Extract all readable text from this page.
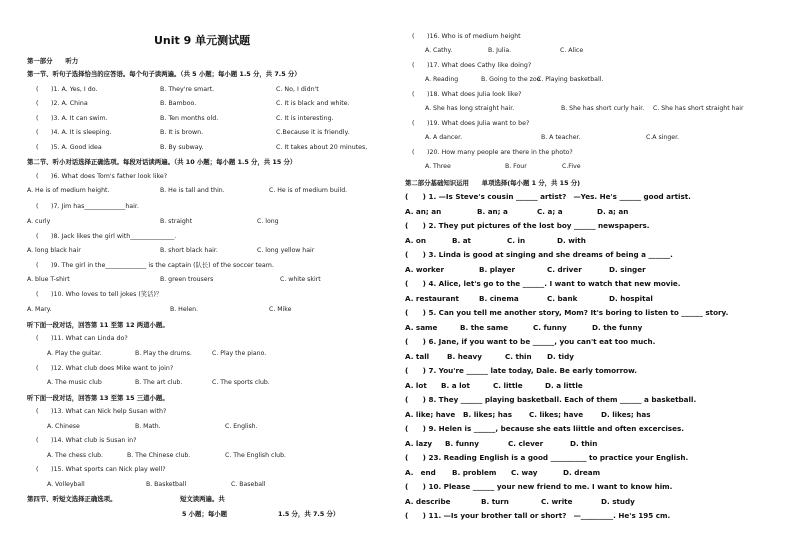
Unit 9 单元测试题
第一部分　　听力
第一节、听句子选择恰当的应答语。每个句子读两遍。（共 5 小题；每小题 1.5 分，共 7.5 分）
(　　)1. A. Yes, I do.	B. They're smart.	C. No, I didn't
(　　)2. A. China	B. Bamboo.	C. It is black and white.
(　　)3. A. It can swim.	B. Ten months old.	C. It is interesting.
(　　)4. A. It is sleeping.	B. It is brown.	C.Because it is friendly.
(　　)5. A. Good idea	B. By subway.	C. It takes about 20 minutes,
第二节、听小对话选择正确选项。每段对话读两遍。（共 10 小题；每小题 1.5 分，共 15 分）
(　　)6. What does Tom's father look like?
A. He is of medium height.	B. He is tall and thin.	C. He is of medium build.
(　　)7. Jim has_____________hair.
A. curly	B. straight	C. long
(　　)8. Jack likes the girl with______________.
A. long black hair	B. short black hair.	C. long yellow hair
(　　)9. The girl in the_____________ is the captain (队长) of the soccer team.
A. blue T-shirt	B. green trousers	C. white skirt
(　　)10. Who loves to tell jokes (笑话)？
A. Mary.	B. Helen.	C. Mike
听下面一段对话，回答第 11 至第 12 两道小题。
(　　)11. What can Linda do?
A. Play the guitar.	B. Play the drums.	C. Play the piano.
(　　)12. What club does Mike want to join?
A. The music club	B. The art club.	C. The sports club.
听下面一段对话，回答第 13 至第 15 三道小题。
(　　)13. What can Nick help Susan with?
A. Chinese	B. Math.	C. English.
(　　)14. What club is Susan in?
A. The chess club.	B. The Chinese club.	C. The English club.
(　　)15. What sports can Nick play well?
A. Volleyball	B. Basketball	C. Baseball
第四节、听短文选择正确选项。	短文读两遍。共
5 小题；每小题	1.5 分，共 7.5 分）
(　　)16. Who is of medium height
A. Cathy.	B. Julia.	C. Alice
(　　)17. What does Cathy like doing?
A. Reading	B. Going to the zoo
C. Playing basketball.
(　　)18. What does Julia look like?
A. She has long straight hair.	B. She has short curly hair. C. She has short straight hair
(　　)19. What does Julia want to be?
A. A dancer.	B. A teacher.	C.A singer.
(　　)20. How many people are there in the photo?
A. Three	B. Four	C.Five
第二部分基础知识运用　　单项选择(每小题 1 分，共 15 分)
(　　) 1. —Is Steve's cousin ______ artist?　—Yes. He's ______ good artist.
A. an; an	B. an; a	C. a; a	D. a; an
(　　) 2. They put pictures of the lost boy ______ newspapers.
A. on	B. at	C. in	D. with
(　　) 3. Linda is good at singing and she dreams of being a ______.
A. worker	B. player	C. driver	D. singer
(　　) 4. Alice, let's go to the ______. I want to watch that new movie.
A. restaurant	B. cinema	C. bank	D. hospital
(　　) 5. Can you tell me another story, Mom? It's boring to listen to ______ story.
A. same	B. the same	C. funny	D. the funny
(　　) 6. Jane, if you want to be ______, you can't eat too much.
A. tall B. heavy	C. thin D. tidy
(　　) 7. You're ______ late today, Dale. Be early tomorrow.
A. lot B. a lot	C. little	D. a little
(　　) 8. They ______ playing basketball. Each of them ______ a basketball.
A. like; have B. likes; has C. likes; have D. likes; has
(　　) 9. Helen is ______, because she eats liittle and often excercises.
A. lazy B. funny	C. clever	D. thin
(　　) 23. Reading English is a good __________ to practice your English.
A.　end B. problem C. way	D. dream
(　　) 10. Please ______ your new friend to me. I want to know him.
A. describe	B. turn	C. write	D. study
(　　) 11. —Is your brother tall or short?　—_________. He's 195 cm.
